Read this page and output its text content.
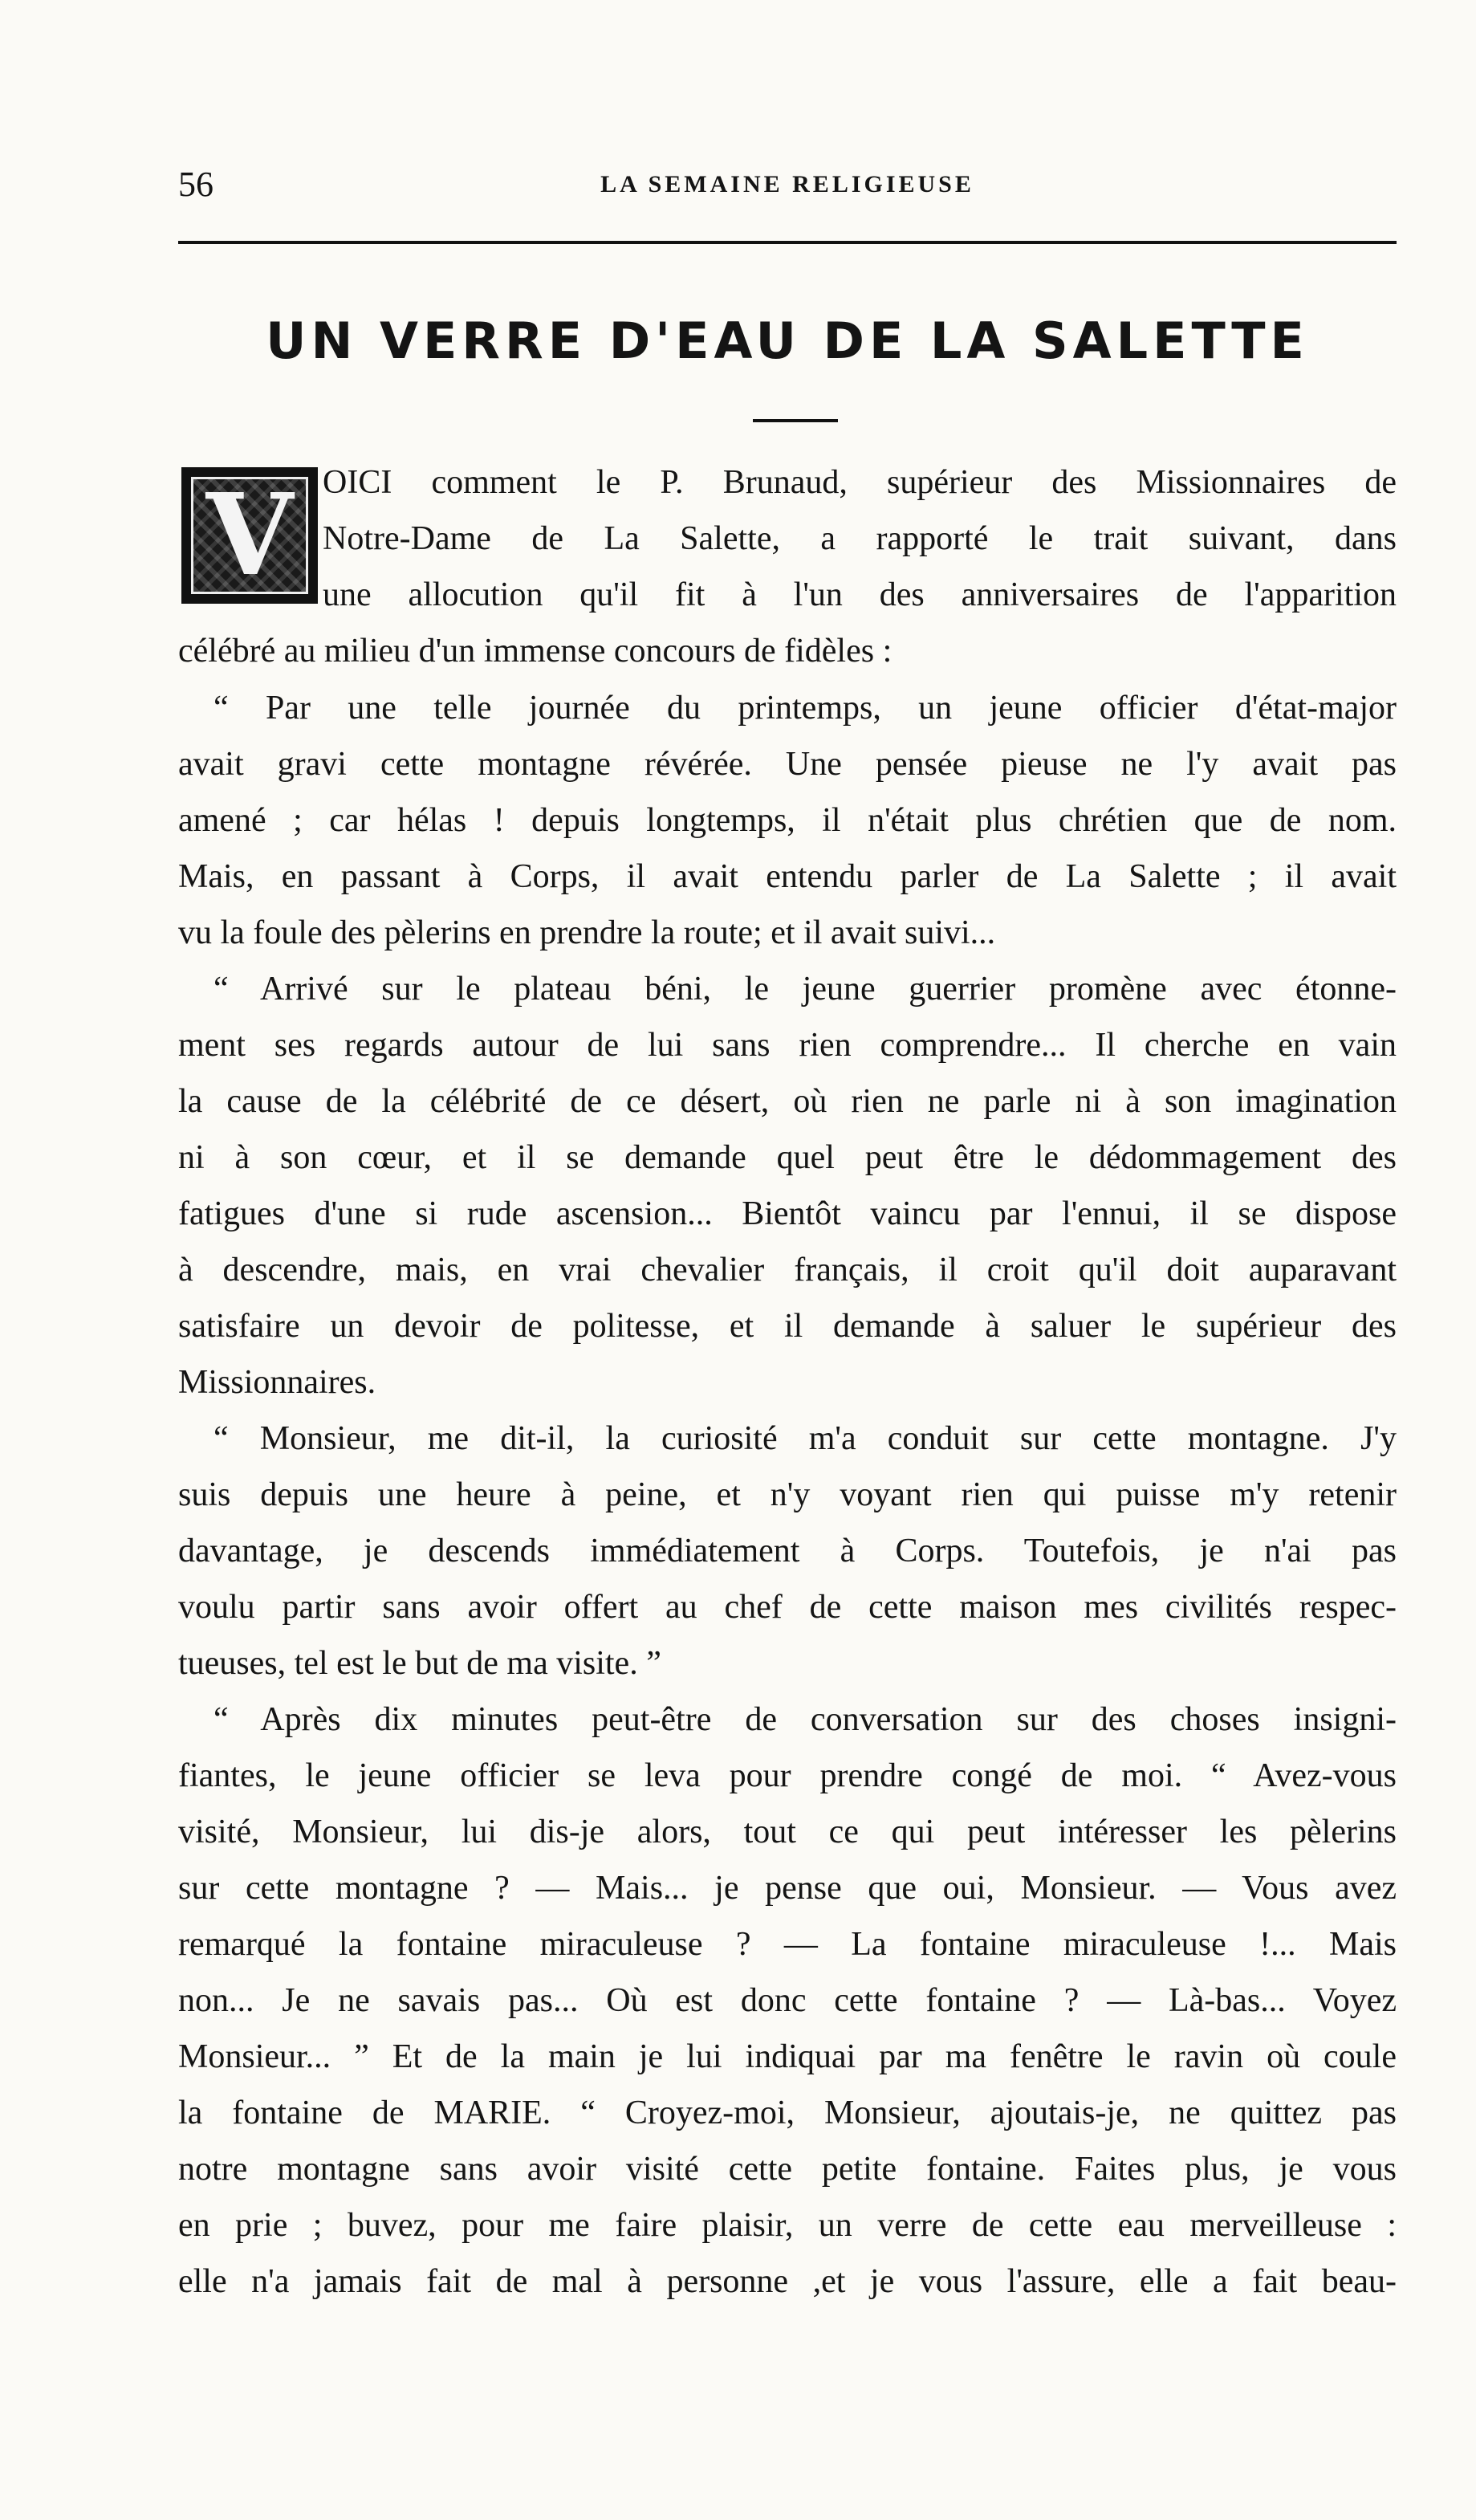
56	LA SEMAINE RELIGIEUSE
UN VERRE D'EAU DE LA SALETTE
V OICI comment le P. Brunaud, supérieur des Missionnaires de
Notre-Dame de La Salette, a rapporté le trait suivant, dans
une allocution qu'il fit à l'un des anniversaires de l'apparition
célébré au milieu d'un immense concours de fidèles :
“ Par une telle journée du printemps, un jeune officier d'état-major
avait gravi cette montagne révérée. Une pensée pieuse ne l'y avait pas
amené ; car hélas ! depuis longtemps, il n'était plus chrétien que de nom.
Mais, en passant à Corps, il avait entendu parler de La Salette ; il avait
vu la foule des pèlerins en prendre la route; et il avait suivi...
“ Arrivé sur le plateau béni, le jeune guerrier promène avec étonne-
ment ses regards autour de lui sans rien comprendre... Il cherche en vain
la cause de la célébrité de ce désert, où rien ne parle ni à son imagination
ni à son cœur, et il se demande quel peut être le dédommagement des
fatigues d'une si rude ascension... Bientôt vaincu par l'ennui, il se dispose
à descendre, mais, en vrai chevalier français, il croit qu'il doit auparavant
satisfaire un devoir de politesse, et il demande à saluer le supérieur des
Missionnaires.
“ Monsieur, me dit-il, la curiosité m'a conduit sur cette montagne. J'y
suis depuis une heure à peine, et n'y voyant rien qui puisse m'y retenir
davantage, je descends immédiatement à Corps. Toutefois, je n'ai pas
voulu partir sans avoir offert au chef de cette maison mes civilités respec-
tueuses, tel est le but de ma visite. ”
“ Après dix minutes peut-être de conversation sur des choses insigni-
fiantes, le jeune officier se leva pour prendre congé de moi. “ Avez-vous
visité, Monsieur, lui dis-je alors, tout ce qui peut intéresser les pèlerins
sur cette montagne ? — Mais... je pense que oui, Monsieur. — Vous avez
remarqué la fontaine miraculeuse ? — La fontaine miraculeuse !... Mais
non... Je ne savais pas... Où est donc cette fontaine ? — Là-bas... Voyez
Monsieur... ” Et de la main je lui indiquai par ma fenêtre le ravin où coule
la fontaine de MARIE. “ Croyez-moi, Monsieur, ajoutais-je, ne quittez pas
notre montagne sans avoir visité cette petite fontaine. Faites plus, je vous
en prie ; buvez, pour me faire plaisir, un verre de cette eau merveilleuse :
elle n'a jamais fait de mal à personne ,et je vous l'assure, elle a fait beau-
